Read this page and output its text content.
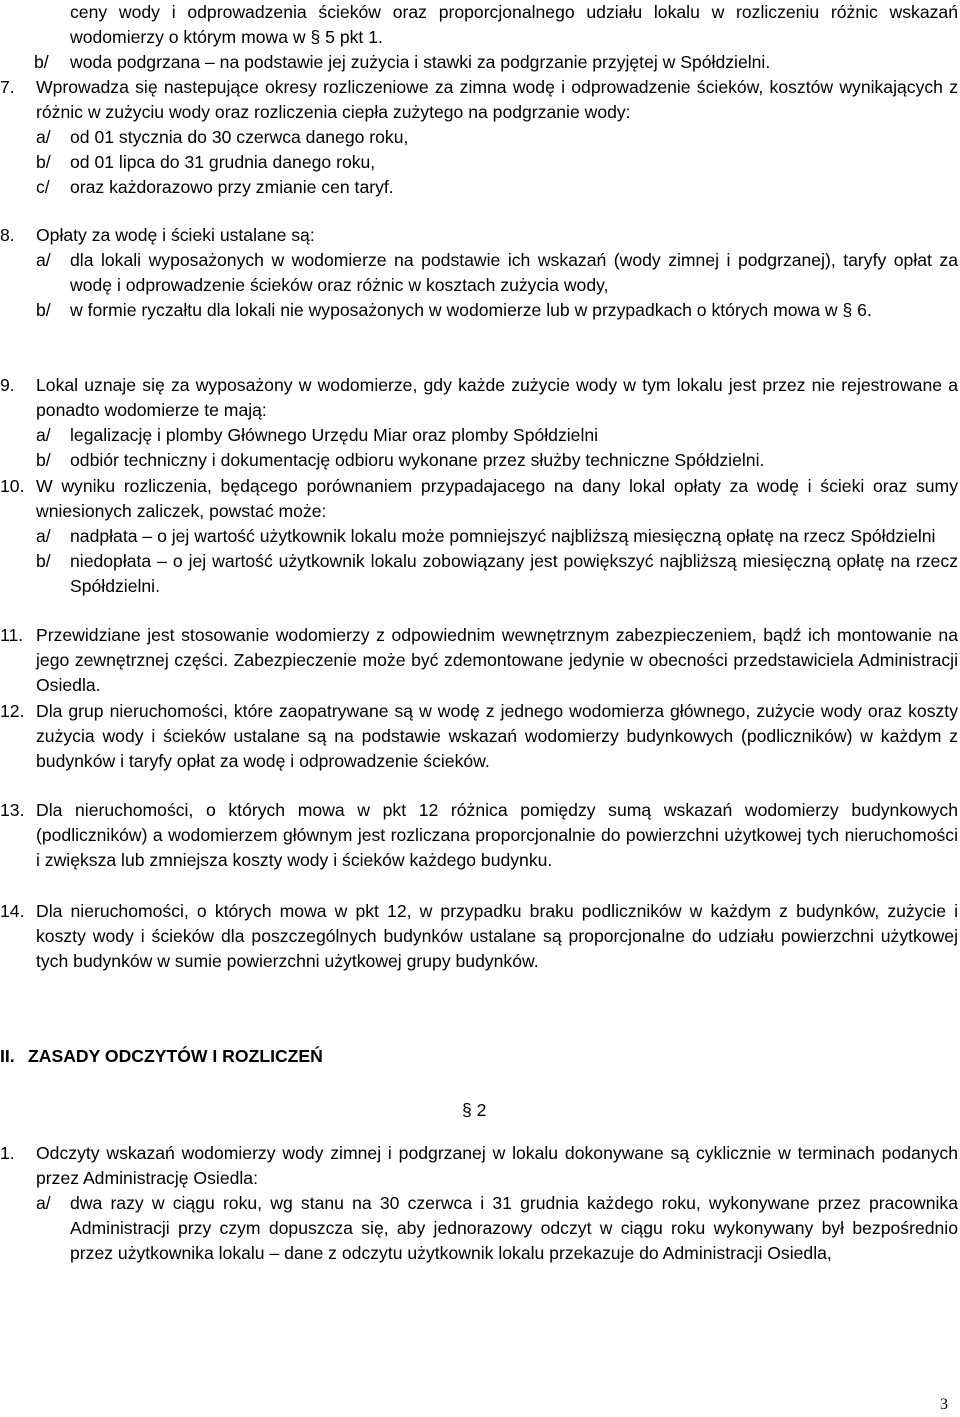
ceny wody i odprowadzenia ścieków oraz proporcjonalnego udziału lokalu w rozliczeniu różnic wskazań wodomierzy o którym mowa w § 5 pkt 1.
b/ woda podgrzana – na podstawie jej zużycia i stawki za podgrzanie przyjętej w Spółdzielni.
7.	Wprowadza się nastepujące okresy rozliczeniowe za zimna wodę i odprowadzenie ścieków, kosztów wynikających z różnic w zużyciu wody oraz rozliczenia ciepła zużytego na podgrzanie wody:
a/ od 01 stycznia do 30 czerwca danego roku,
b/ od 01 lipca do 31 grudnia danego roku,
c/ oraz każdorazowo przy zmianie cen taryf.
8.	Opłaty za wodę i ścieki ustalane są:
a/ dla lokali wyposażonych w wodomierze na podstawie ich wskazań (wody zimnej i podgrzanej), taryfy opłat za wodę i odprowadzenie ścieków oraz różnic w kosztach zużycia wody,
b/ w formie ryczałtu dla lokali nie wyposażonych w wodomierze lub w przypadkach o których mowa w § 6.
9.	Lokal uznaje się za wyposażony w wodomierze, gdy każde zużycie wody w tym lokalu jest przez nie rejestrowane a ponadto wodomierze te mają:
a/ legalizację i plomby Głównego Urzędu Miar oraz plomby Spółdzielni
b/ odbiór techniczny i dokumentację odbioru wykonane przez służby techniczne Spółdzielni.
10. W wyniku rozliczenia, będącego porównaniem przypadajacego na dany lokal opłaty za wodę i ścieki oraz sumy wniesionych zaliczek, powstać może:
a/ nadpłata – o jej wartość użytkownik lokalu może pomniejszyć najbliższą miesięczną opłatę na rzecz Spółdzielni
b/ niedopłata – o jej wartość użytkownik lokalu zobowiązany jest powiększyć najbliższą miesięczną opłatę na rzecz Spółdzielni.
11. Przewidziane jest stosowanie wodomierzy z odpowiednim wewnętrznym zabezpieczeniem, bądź ich montowanie na jego zewnętrznej części. Zabezpieczenie może być zdemontowane jedynie w obecności przedstawiciela Administracji Osiedla.
12. Dla grup nieruchomości, które zaopatrywane są w wodę z jednego wodomierza głównego, zużycie wody oraz koszty zużycia wody i ścieków ustalane są na podstawie wskazań wodomierzy budynkowych (podliczników) w każdym z budynków i taryfy opłat za wodę i odprowadzenie ścieków.
13. Dla nieruchomości, o których mowa w pkt 12 różnica pomiędzy sumą wskazań wodomierzy budynkowych (podliczników) a wodomierzem głównym jest rozliczana proporcjonalnie do powierzchni użytkowej tych nieruchomości i zwiększa lub zmniejsza koszty wody i ścieków każdego budynku.
14. Dla nieruchomości, o których mowa w pkt 12, w przypadku braku podliczników w każdym z budynków, zużycie i koszty wody i ścieków dla poszczególnych budynków ustalane są proporcjonalne do udziału powierzchni użytkowej tych budynków w sumie powierzchni użytkowej grupy budynków.
II. ZASADY ODCZYTÓW I ROZLICZEŃ
§ 2
1.	Odczyty wskazań wodomierzy wody zimnej i podgrzanej w lokalu dokonywane są cyklicznie w terminach podanych przez Administrację Osiedla:
a/ dwa razy w ciągu roku, wg stanu na 30 czerwca i 31 grudnia każdego roku, wykonywane przez pracownika Administracji przy czym dopuszcza się, aby jednorazowy odczyt w ciągu roku wykonywany był bezpośrednio przez użytkownika lokalu – dane z odczytu użytkownik lokalu przekazuje do Administracji Osiedla,
3
